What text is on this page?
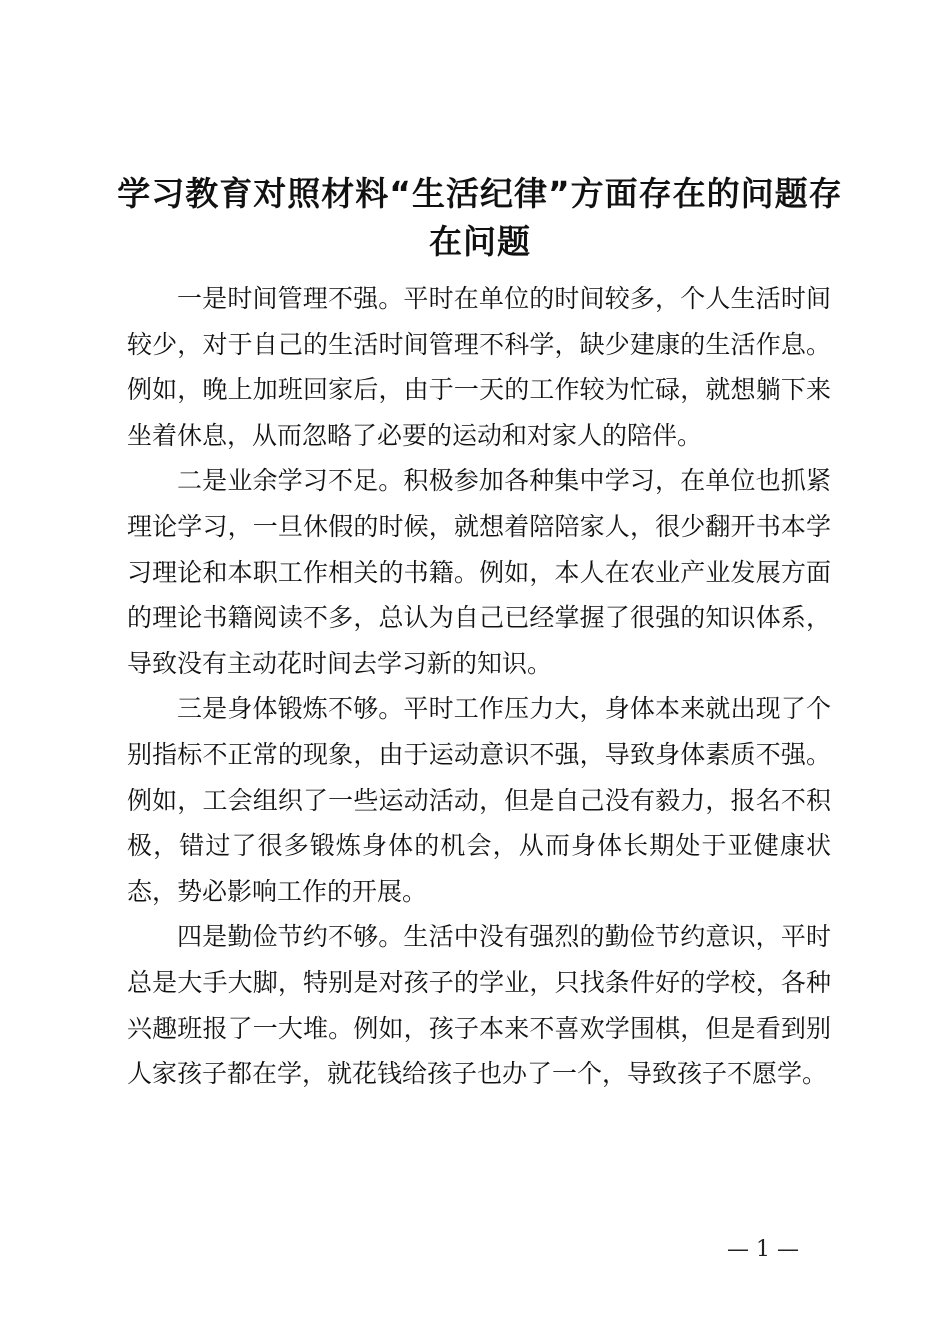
学习教育对照材料“生活纪律”方面存在的问题存在问题

一是时间管理不强。平时在单位的时间较多，个人生活时间较少，对于自己的生活时间管理不科学，缺少建康的生活作息。例如，晚上加班回家后，由于一天的工作较为忙碌，就想躺下来坐着休息，从而忽略了必要的运动和对家人的陪伴。

二是业余学习不足。积极参加各种集中学习，在单位也抓紧理论学习，一旦休假的时候，就想着陪陪家人，很少翻开书本学习理论和本职工作相关的书籍。例如，本人在农业产业发展方面的理论书籍阅读不多，总认为自己已经掌握了很强的知识体系，导致没有主动花时间去学习新的知识。

三是身体锻炼不够。平时工作压力大，身体本来就出现了个别指标不正常的现象，由于运动意识不强，导致身体素质不强。例如，工会组织了一些运动活动，但是自己没有毅力，报名不积极，错过了很多锻炼身体的机会，从而身体长期处于亚健康状态，势必影响工作的开展。

四是勤俭节约不够。生活中没有强烈的勤俭节约意识，平时总是大手大脚，特别是对孩子的学业，只找条件好的学校，各种兴趣班报了一大堆。例如，孩子本来不喜欢学围棋，但是看到别人家孩子都在学，就花钱给孩子也办了一个，导致孩子不愿学。

— 1 —
